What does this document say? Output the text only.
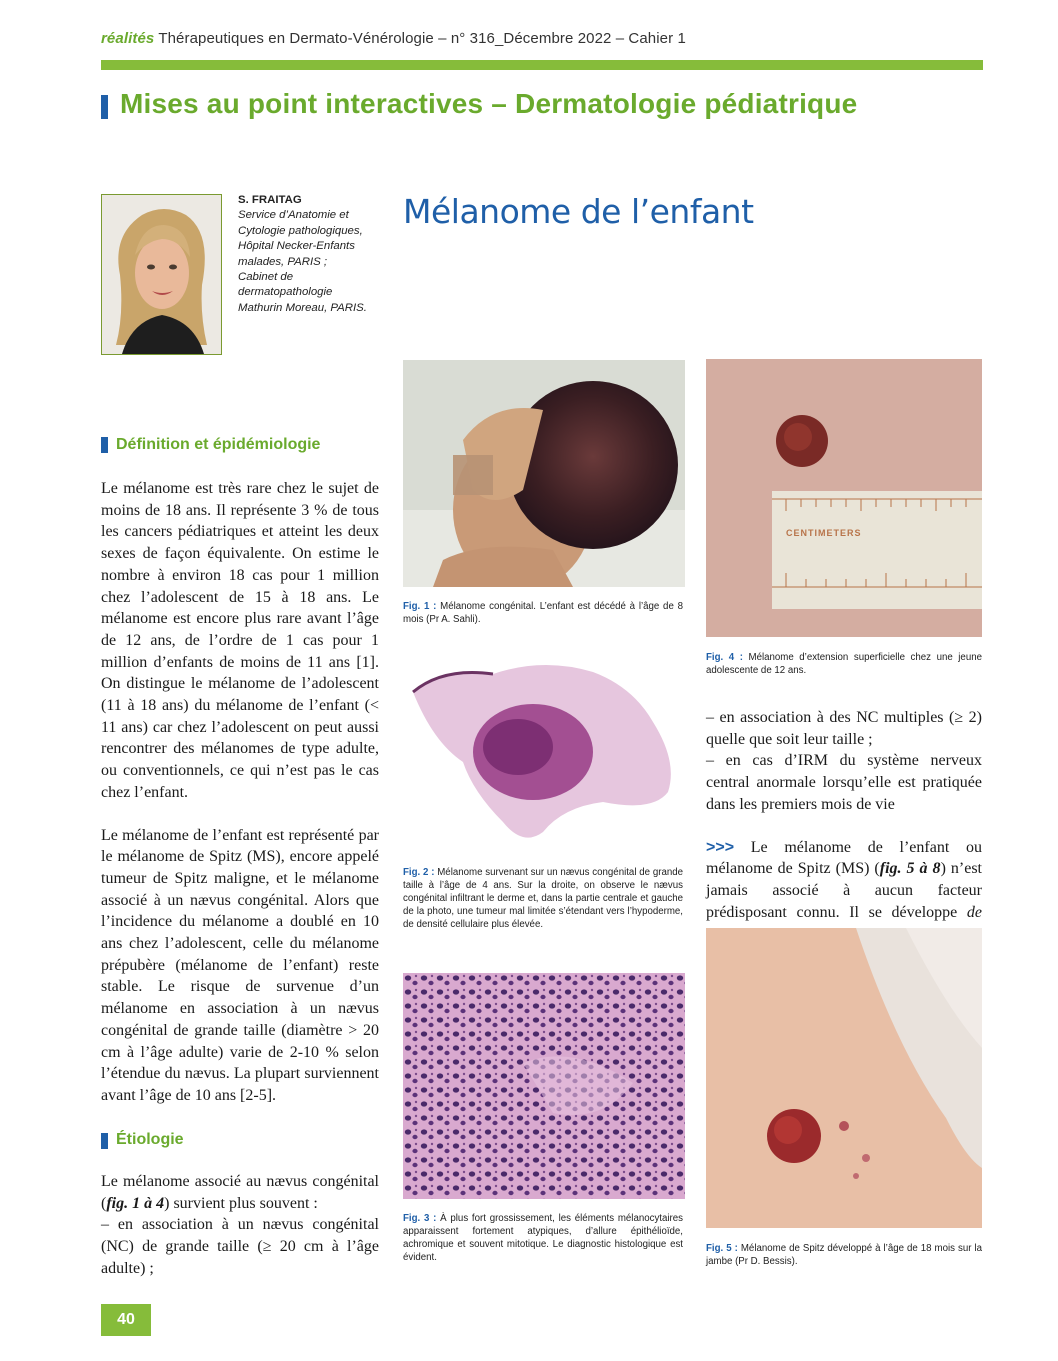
réalités Thérapeutiques en Dermato-Vénérologie – n° 316_Décembre 2022 – Cahier 1
Mises au point interactives – Dermatologie pédiatrique
S. FRAITAG
Service d’Anatomie et
Cytologie pathologiques,
Hôpital Necker-Enfants
malades, PARIS ;
Cabinet de
dermatopathologie
Mathurin Moreau, PARIS.
Mélanome de l’enfant
Définition et épidémiologie

Le mélanome est très rare chez le sujet de moins de 18 ans. Il représente 3 % de tous les cancers pédiatriques et atteint les deux sexes de façon équivalente. On estime le nombre à environ 18 cas pour 1 million chez l’adolescent de 15 à 18 ans. Le mélanome est encore plus rare avant l’âge de 12 ans, de l’ordre de 1 cas pour 1 million d’enfants de moins de 11 ans [1]. On distingue le mélanome de l’adolescent (11 à 18 ans) du mélanome de l’enfant (< 11 ans) car chez l’adolescent on peut aussi rencontrer des mélanomes de type adulte, ou conventionnels, ce qui n’est pas le cas chez l’enfant.

Le mélanome de l’enfant est représenté par le mélanome de Spitz (MS), encore appelé tumeur de Spitz maligne, et le mélanome associé à un nævus congénital. Alors que l’incidence du mélanome a doublé en 10 ans chez l’adolescent, celle du mélanome prépubère (mélanome de l’enfant) reste stable. Le risque de survenue d’un mélanome en association à un nævus congénital de grande taille (diamètre > 20 cm à l’âge adulte) varie de 2-10 % selon l’étendue du nævus. La plupart surviennent avant l’âge de 10 ans [2-5].

Étiologie
Le mélanome associé au nævus congénital (fig. 1 à 4) survient plus souvent :
– en association à un nævus congénital (NC) de grande taille (≥ 20 cm à l’âge adulte) ;
Fig. 1 : Mélanome congénital. L’enfant est décédé à l’âge de 8 mois (Pr A. Sahli).
Fig. 2 : Mélanome survenant sur un nævus congénital de grande taille à l’âge de 4 ans. Sur la droite, on observe le nævus congénital infiltrant le derme et, dans la partie centrale et gauche de la photo, une tumeur mal limitée s’étendant vers l’hypoderme, de densité cellulaire plus élevée.
Fig. 3 : À plus fort grossissement, les éléments mélanocytaires apparaissent fortement atypiques, d’allure épithélioïde, achromique et souvent mitotique. Le diagnostic histologique est évident.
CENTIMETERS
Fig. 4 : Mélanome d’extension superficielle chez une jeune adolescente de 12 ans.
– en association à des NC multiples (≥ 2) quelle que soit leur taille ;
– en cas d’IRM du système nerveux central anormale lorsqu’elle est pratiquée dans les premiers mois de vie
>>> Le mélanome de l’enfant ou mélanome de Spitz (MS) (fig. 5 à 8) n’est jamais associé à aucun facteur prédisposant connu. Il se développe de
Fig. 5 : Mélanome de Spitz développé à l’âge de 18 mois sur la jambe (Pr D. Bessis).
40
